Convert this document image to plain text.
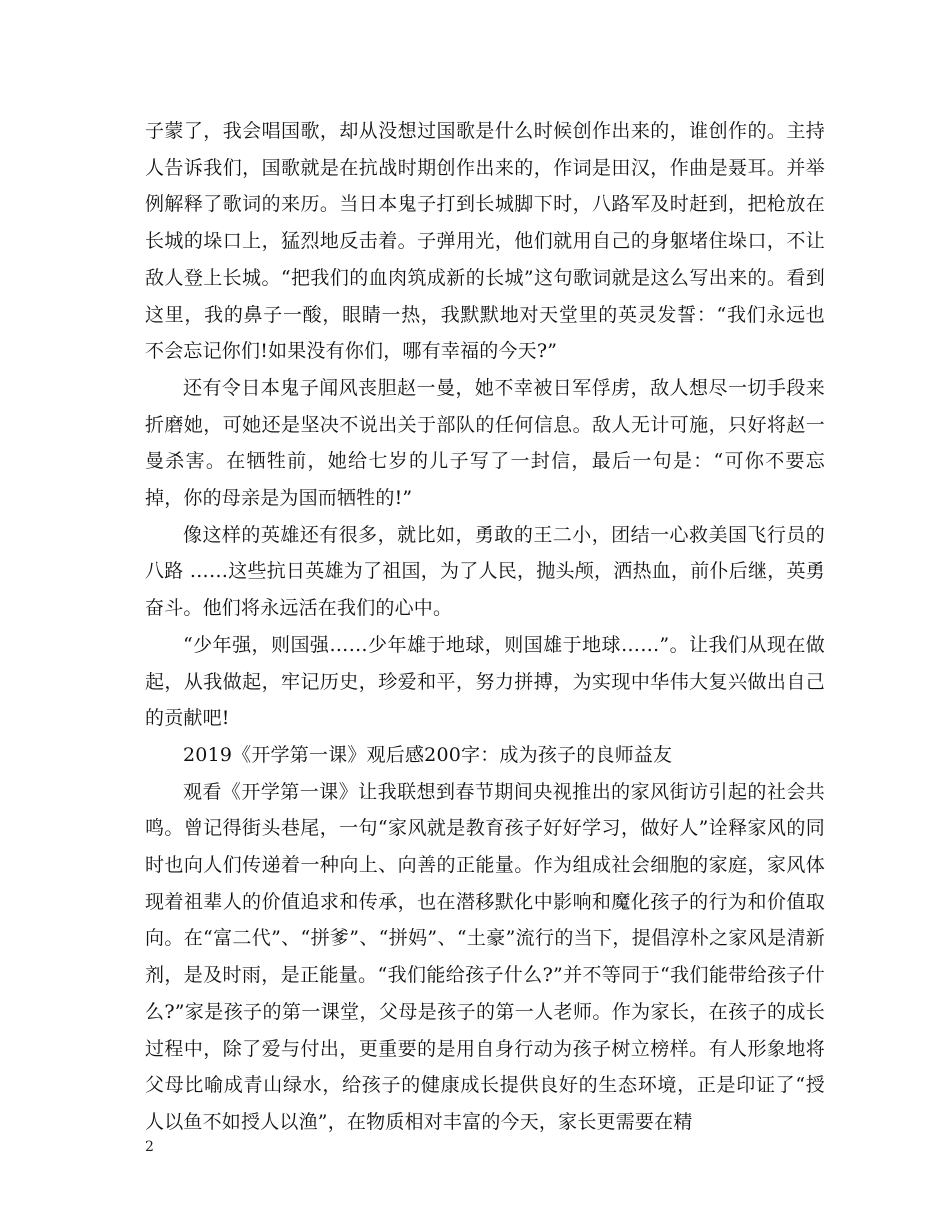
子蒙了，我会唱国歌，却从没想过国歌是什么时候创作出来的，谁创作的。主持人告诉我们，国歌就是在抗战时期创作出来的，作词是田汉，作曲是聂耳。并举例解释了歌词的来历。当日本鬼子打到长城脚下时，八路军及时赶到，把枪放在长城的垛口上，猛烈地反击着。子弹用光，他们就用自己的身躯堵住垛口，不让敌人登上长城。“把我们的血肉筑成新的长城”这句歌词就是这么写出来的。看到这里，我的鼻子一酸，眼睛一热，我默默地对天堂里的英灵发誓：“我们永远也不会忘记你们!如果没有你们，哪有幸福的今天?”

还有令日本鬼子闻风丧胆赵一曼，她不幸被日军俘虏，敌人想尽一切手段来折磨她，可她还是坚决不说出关于部队的任何信息。敌人无计可施，只好将赵一曼杀害。在牺牲前，她给七岁的儿子写了一封信，最后一句是：“可你不要忘掉，你的母亲是为国而牺牲的!”

像这样的英雄还有很多，就比如，勇敢的王二小，团结一心救美国飞行员的八路 ……这些抗日英雄为了祖国，为了人民，抛头颅，洒热血，前仆后继，英勇奋斗。他们将永远活在我们的心中。

“少年强，则国强……少年雄于地球，则国雄于地球……”。让我们从现在做起，从我做起，牢记历史，珍爱和平，努力拼搏，为实现中华伟大复兴做出自己的贡献吧!

2019《开学第一课》观后感200字：成为孩子的良师益友

观看《开学第一课》让我联想到春节期间央视推出的家风街访引起的社会共鸣。曾记得街头巷尾，一句“家风就是教育孩子好好学习，做好人”诠释家风的同时也向人们传递着一种向上、向善的正能量。作为组成社会细胞的家庭，家风体现着祖辈人的价值追求和传承，也在潜移默化中影响和魔化孩子的行为和价值取向。在“富二代”、“拼爹”、“拼妈”、“土豪”流行的当下，提倡淳朴之家风是清新剂，是及时雨，是正能量。“我们能给孩子什么?”并不等同于“我们能带给孩子什么?”家是孩子的第一课堂，父母是孩子的第一人老师。作为家长，在孩子的成长过程中，除了爱与付出，更重要的是用自身行动为孩子树立榜样。有人形象地将父母比喻成青山绿水，给孩子的健康成长提供良好的生态环境，正是印证了“授人以鱼不如授人以渔”，在物质相对丰富的今天，家长更需要在精

2
